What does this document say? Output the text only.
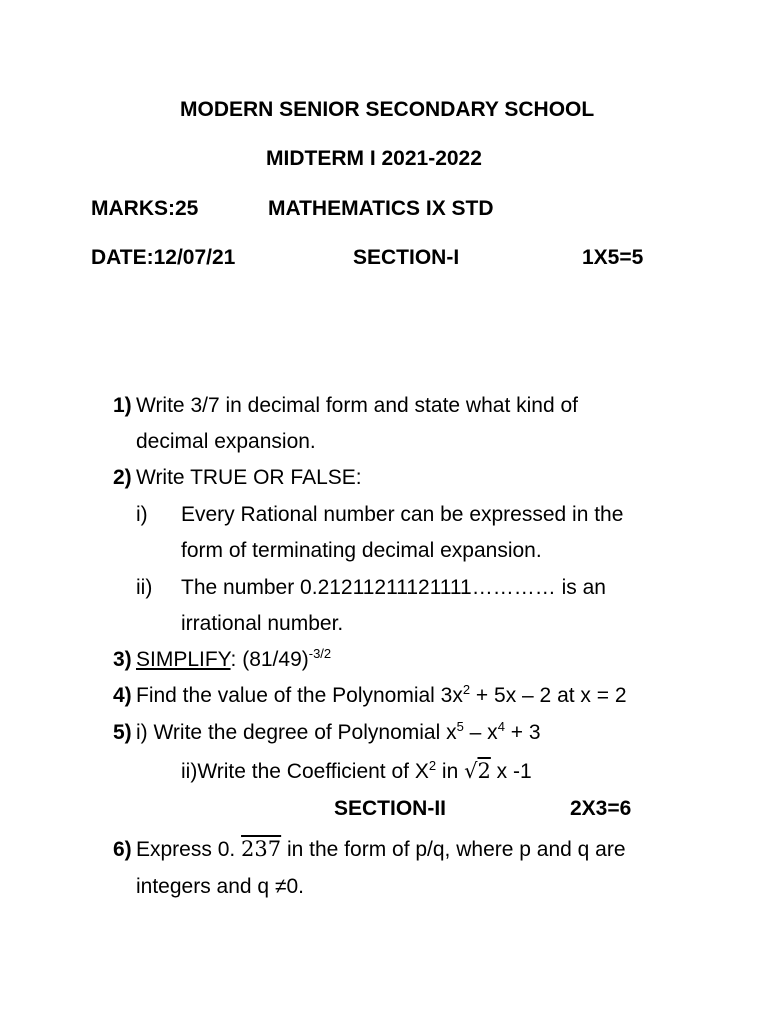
MODERN SENIOR SECONDARY SCHOOL
MIDTERM I 2021-2022
MARKS:25	MATHEMATICS IX STD
DATE:12/07/21	SECTION-I	1X5=5
1) Write 3/7 in decimal form and state what kind of
decimal expansion.
2) Write TRUE OR FALSE:
i) Every Rational number can be expressed in the
form of terminating decimal expansion.
ii) The number 0.21211211121111………… is an
irrational number.
3) SIMPLIFY: $(81/49)^{-3/2}$
4) Find the value of the Polynomial $3x^2 + 5x - 2$ at x = 2
5) i) Write the degree of Polynomial $x^5 - x^4 + 3$
ii)Write the Coefficient of $X^2$ in √2 x -1
SECTION-II	2X3=6
6) Express 0. 237 in the form of p/q, where p and q are
integers and q ≠0.
